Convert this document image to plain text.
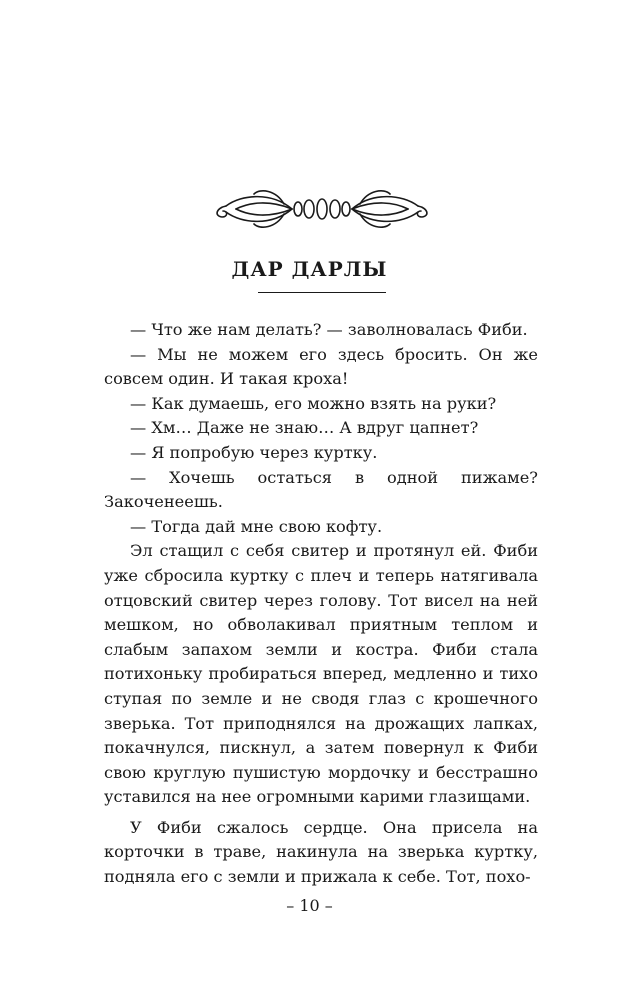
ДАР ДАРЛЫ

— Что же нам делать? — заволновалась Фиби.

— Мы не можем его здесь бросить. Он же совсем один. И такая кроха!

— Как думаешь, его можно взять на руки?

— Хм… Даже не знаю… А вдруг цапнет?

— Я попробую через куртку.

— Хочешь остаться в одной пижаме? Закоченеешь.

— Тогда дай мне свою кофту.

Эл стащил с себя свитер и протянул ей. Фиби уже сбросила куртку с плеч и теперь натягивала отцовский свитер через голову. Тот висел на ней мешком, но обволакивал приятным теплом и слабым запахом земли и костра. Фиби стала потихоньку пробираться вперед, медленно и тихо ступая по земле и не сводя глаз с крошечного зверька. Тот приподнялся на дрожащих лапках, покачнулся, пискнул, а затем повернул к Фиби свою круглую пушистую мордочку и бесстрашно уставился на нее огромными карими глазищами.

У Фиби сжалось сердце. Она присела на корточки в траве, накинула на зверька куртку, подняла его с земли и прижала к себе. Тот, похо-

– 10 –
